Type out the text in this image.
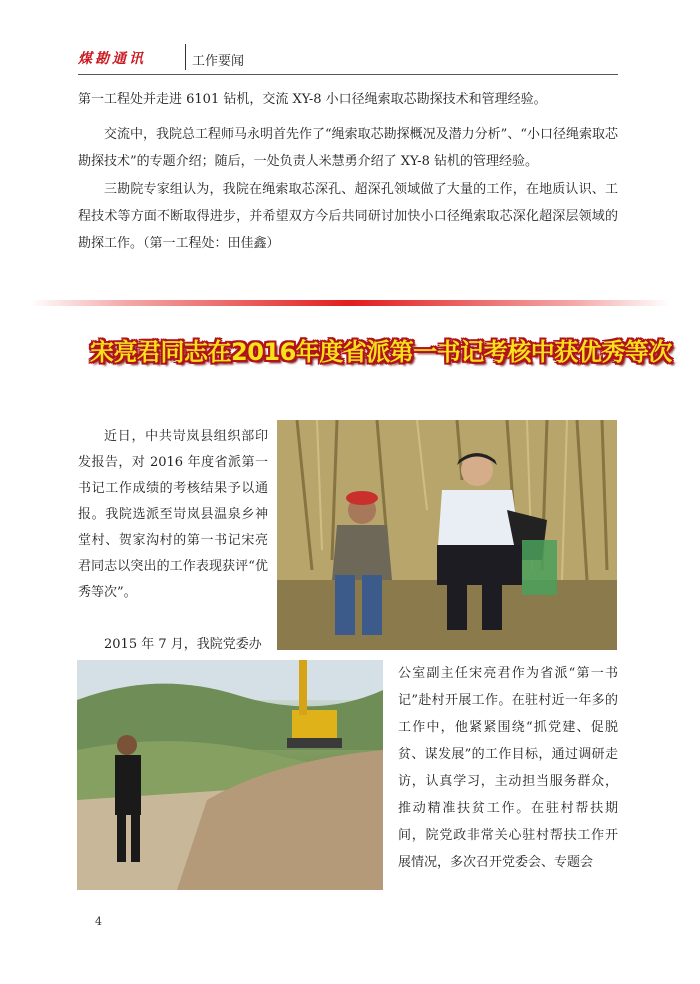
煤勘通讯	工作要闻

第一工程处并走进 6101 钻机，交流 XY-8 小口径绳索取芯勘探技术和管理经验。

交流中，我院总工程师马永明首先作了“绳索取芯勘探概况及潜力分析”、“小口径绳索取芯勘探技术”的专题介绍；随后，一处负责人米慧勇介绍了 XY-8 钻机的管理经验。

三勘院专家组认为，我院在绳索取芯深孔、超深孔领域做了大量的工作，在地质认识、工程技术等方面不断取得进步，并希望双方今后共同研讨加快小口径绳索取芯深化超深层领域的勘探工作。（第一工程处：田佳鑫）

宋亮君同志在2016年度省派第一书记考核中获优秀等次

近日，中共岢岚县组织部印发报告，对 2016 年度省派第一书记工作成绩的考核结果予以通报。我院选派至岢岚县温泉乡神堂村、贺家沟村的第一书记宋亮君同志以突出的工作表现获评“优秀等次”。

2015 年 7 月，我院党委办

公室副主任宋亮君作为省派“第一书记”赴村开展工作。在驻村近一年多的工作中，他紧紧围绕“抓党建、促脱贫、谋发展”的工作目标，通过调研走访，认真学习，主动担当服务群众，推动精准扶贫工作。在驻村帮扶期间，院党政非常关心驻村帮扶工作开展情况，多次召开党委会、专题会

4
